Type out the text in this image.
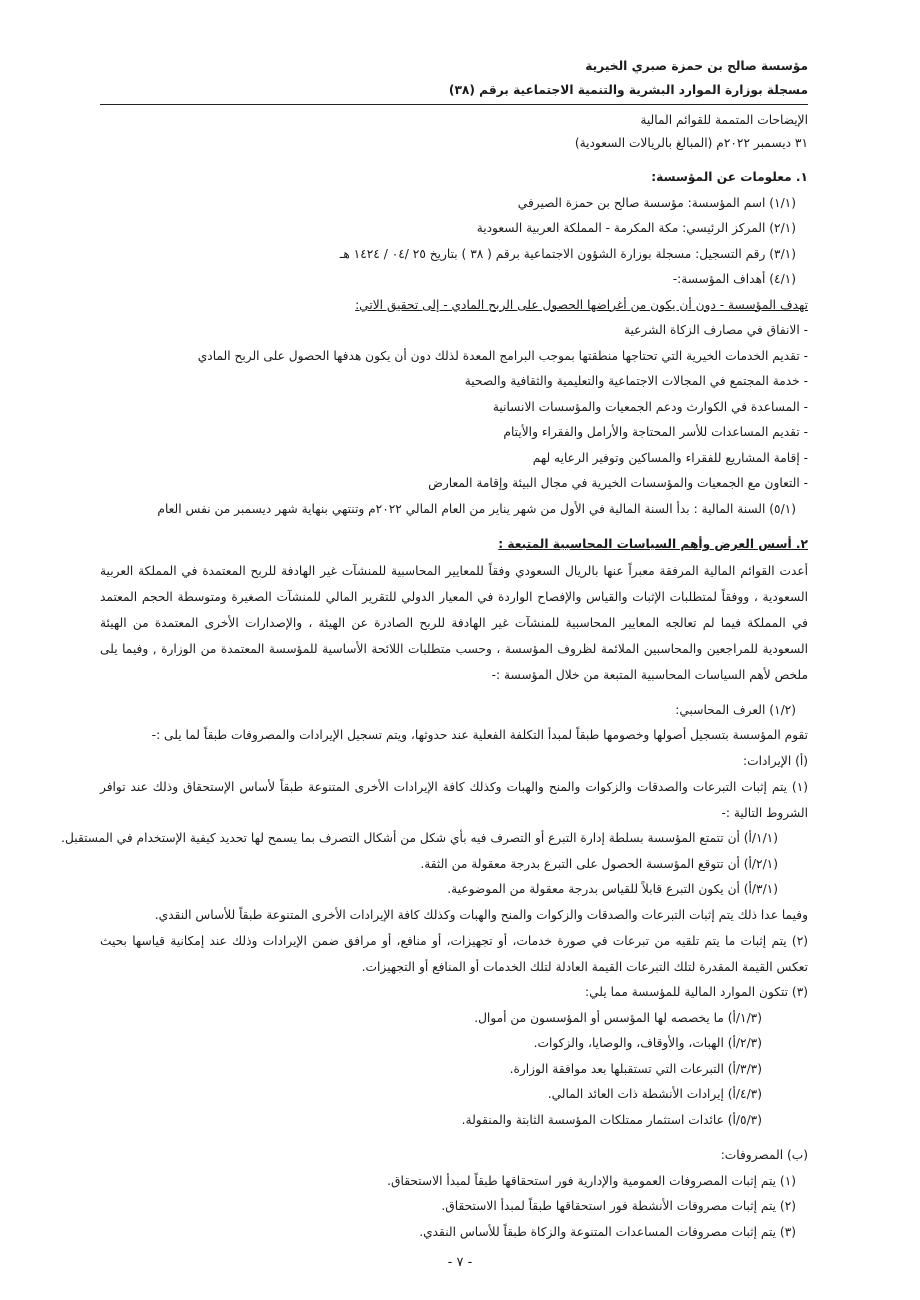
مؤسسة صالح بن حمزة صبري الخيرية
مسجلة بوزارة الموارد البشرية والتنمية الاجتماعية برقم (٣٨)
الإيضاحات المتممة للقوائم المالية
٣١ ديسمبر ٢٠٢٢م (المبالغ بالريالات السعودية)
١. معلومات عن المؤسسة:
(١/١) اسم المؤسسة: مؤسسة صالح بن حمزة الصيرفي
(٢/١) المركز الرئيسي: مكة المكرمة - المملكة العربية السعودية
(٣/١) رقم التسجيل: مسجلة بوزارة الشؤون الاجتماعية برقم ( ٣٨ ) بتاريخ ٢٥ /٠٤ / ١٤٢٤ هـ
(٤/١) أهداف المؤسسة:-
تهدف المؤسسة - دون أن يكون من أغراضها الحصول على الربح المادي - إلى تحقيق الاتي:
- الانفاق في مصارف الزكاة الشرعية
- تقديم الخدمات الخيرية التي تحتاجها منطقتها بموجب البرامج المعدة لذلك دون أن يكون هدفها الحصول على الربح المادي
- خدمة المجتمع في المجالات الاجتماعية والتعليمية والثقافية والصحية
- المساعدة في الكوارث ودعم الجمعيات والمؤسسات الانسانية
- تقديم المساعدات للأسر المحتاجة والأرامل والفقراء والأيتام
- إقامة المشاريع للفقراء والمساكين وتوفير الرعايه لهم
- التعاون مع الجمعيات والمؤسسات الخيرية في مجال البيئة وإقامة المعارض
(٥/١) السنة المالية : بدأ السنة المالية في الأول من شهر يناير من العام المالي ٢٠٢٢م وتنتهي بنهاية شهر ديسمبر من نفس العام
٢. أسس العرض وأهم السياسات المحاسبية المتبعة :
أعدت القوائم المالية المرفقة معبراً عنها بالريال السعودي وفقاً للمعايير المحاسبية للمنشآت غير الهادفة للربح المعتمدة في المملكة العربية السعودية ، ووفقاً لمتطلبات الإثبات والقياس والإفصاح الواردة في المعيار الدولي للتقرير المالي للمنشآت الصغيرة ومتوسطة الحجم المعتمد في المملكة فيما لم تعالجه المعايير المحاسبية للمنشآت غير الهادفة للربح الصادرة عن الهيئة ، والإصدارات الأخرى المعتمدة من الهيئة السعودية للمراجعين والمحاسبين الملائمة لظروف المؤسسة ، وحسب متطلبات اللائحة الأساسية للمؤسسة المعتمدة من الوزارة , وفيما يلى ملخص لأهم السياسات المحاسبية المتبعة من خلال المؤسسة :-
(١/٢) العرف المحاسبي:
تقوم المؤسسة بتسجيل أصولها وخصومها طبقاً لمبدأ التكلفة الفعلية عند حدوثها، ويتم تسجيل الإيرادات والمصروفات طبقاً لما يلى :-
(أ) الإيرادات:
(١) يتم إثبات التبرعات والصدقات والزكوات والمنح والهبات وكذلك كافة الإيرادات الأخرى المتنوعة طبقاً لأساس الإستحقاق وذلك عند توافر الشروط التالية :-
(١/١/أ) أن تتمتع المؤسسة بسلطة إدارة التبرع أو التصرف فيه بأي شكل من أشكال التصرف بما يسمح لها تحديد كيفية الإستخدام في المستقبل.
(٢/١/أ) أن تتوقع المؤسسة الحصول على التبرع بدرجة معقولة من الثقة.
(٣/١/أ) أن يكون التبرع قابلاً للقياس بدرجة معقولة من الموضوعية.
وفيما عدا ذلك يتم إثبات التبرعات والصدقات والزكوات والمنح والهبات وكذلك كافة الإيرادات الأخرى المتنوعة طبقاً للأساس النقدي.
(٢) يتم إثبات ما يتم تلقيه من تبرعات في صورة خدمات، أو تجهيزات، أو منافع، أو مرافق ضمن الإيرادات وذلك عند إمكانية قياسها بحيث تعكس القيمة المقدرة لتلك التبرعات القيمة العادلة لتلك الخدمات أو المنافع أو التجهيزات.
(٣) تتكون الموارد المالية للمؤسسة مما يلي:
(١/٣/أ) ما يخصصه لها المؤسس أو المؤسسون من أموال.
(٢/٣/أ) الهبات، والأوقاف، والوصايا، والزكوات.
(٣/٣/أ) التبرعات التي تستقبلها بعد موافقة الوزارة.
(٤/٣/أ) إيرادات الأنشطة ذات العائد المالي.
(٥/٣/أ) عائدات استثمار ممتلكات المؤسسة الثابتة والمنقولة.
(ب) المصروفات:
(١) يتم إثبات المصروفات العمومية والإدارية فور استحقاقها طبقاً لمبدأ الاستحقاق.
(٢) يتم إثبات مصروفات الأنشطة فور استحقاقها طبقاً لمبدأ الاستحقاق.
(٣) يتم إثبات مصروفات المساعدات المتنوعة والزكاة طبقاً للأساس النقدي.
- ٧ -
